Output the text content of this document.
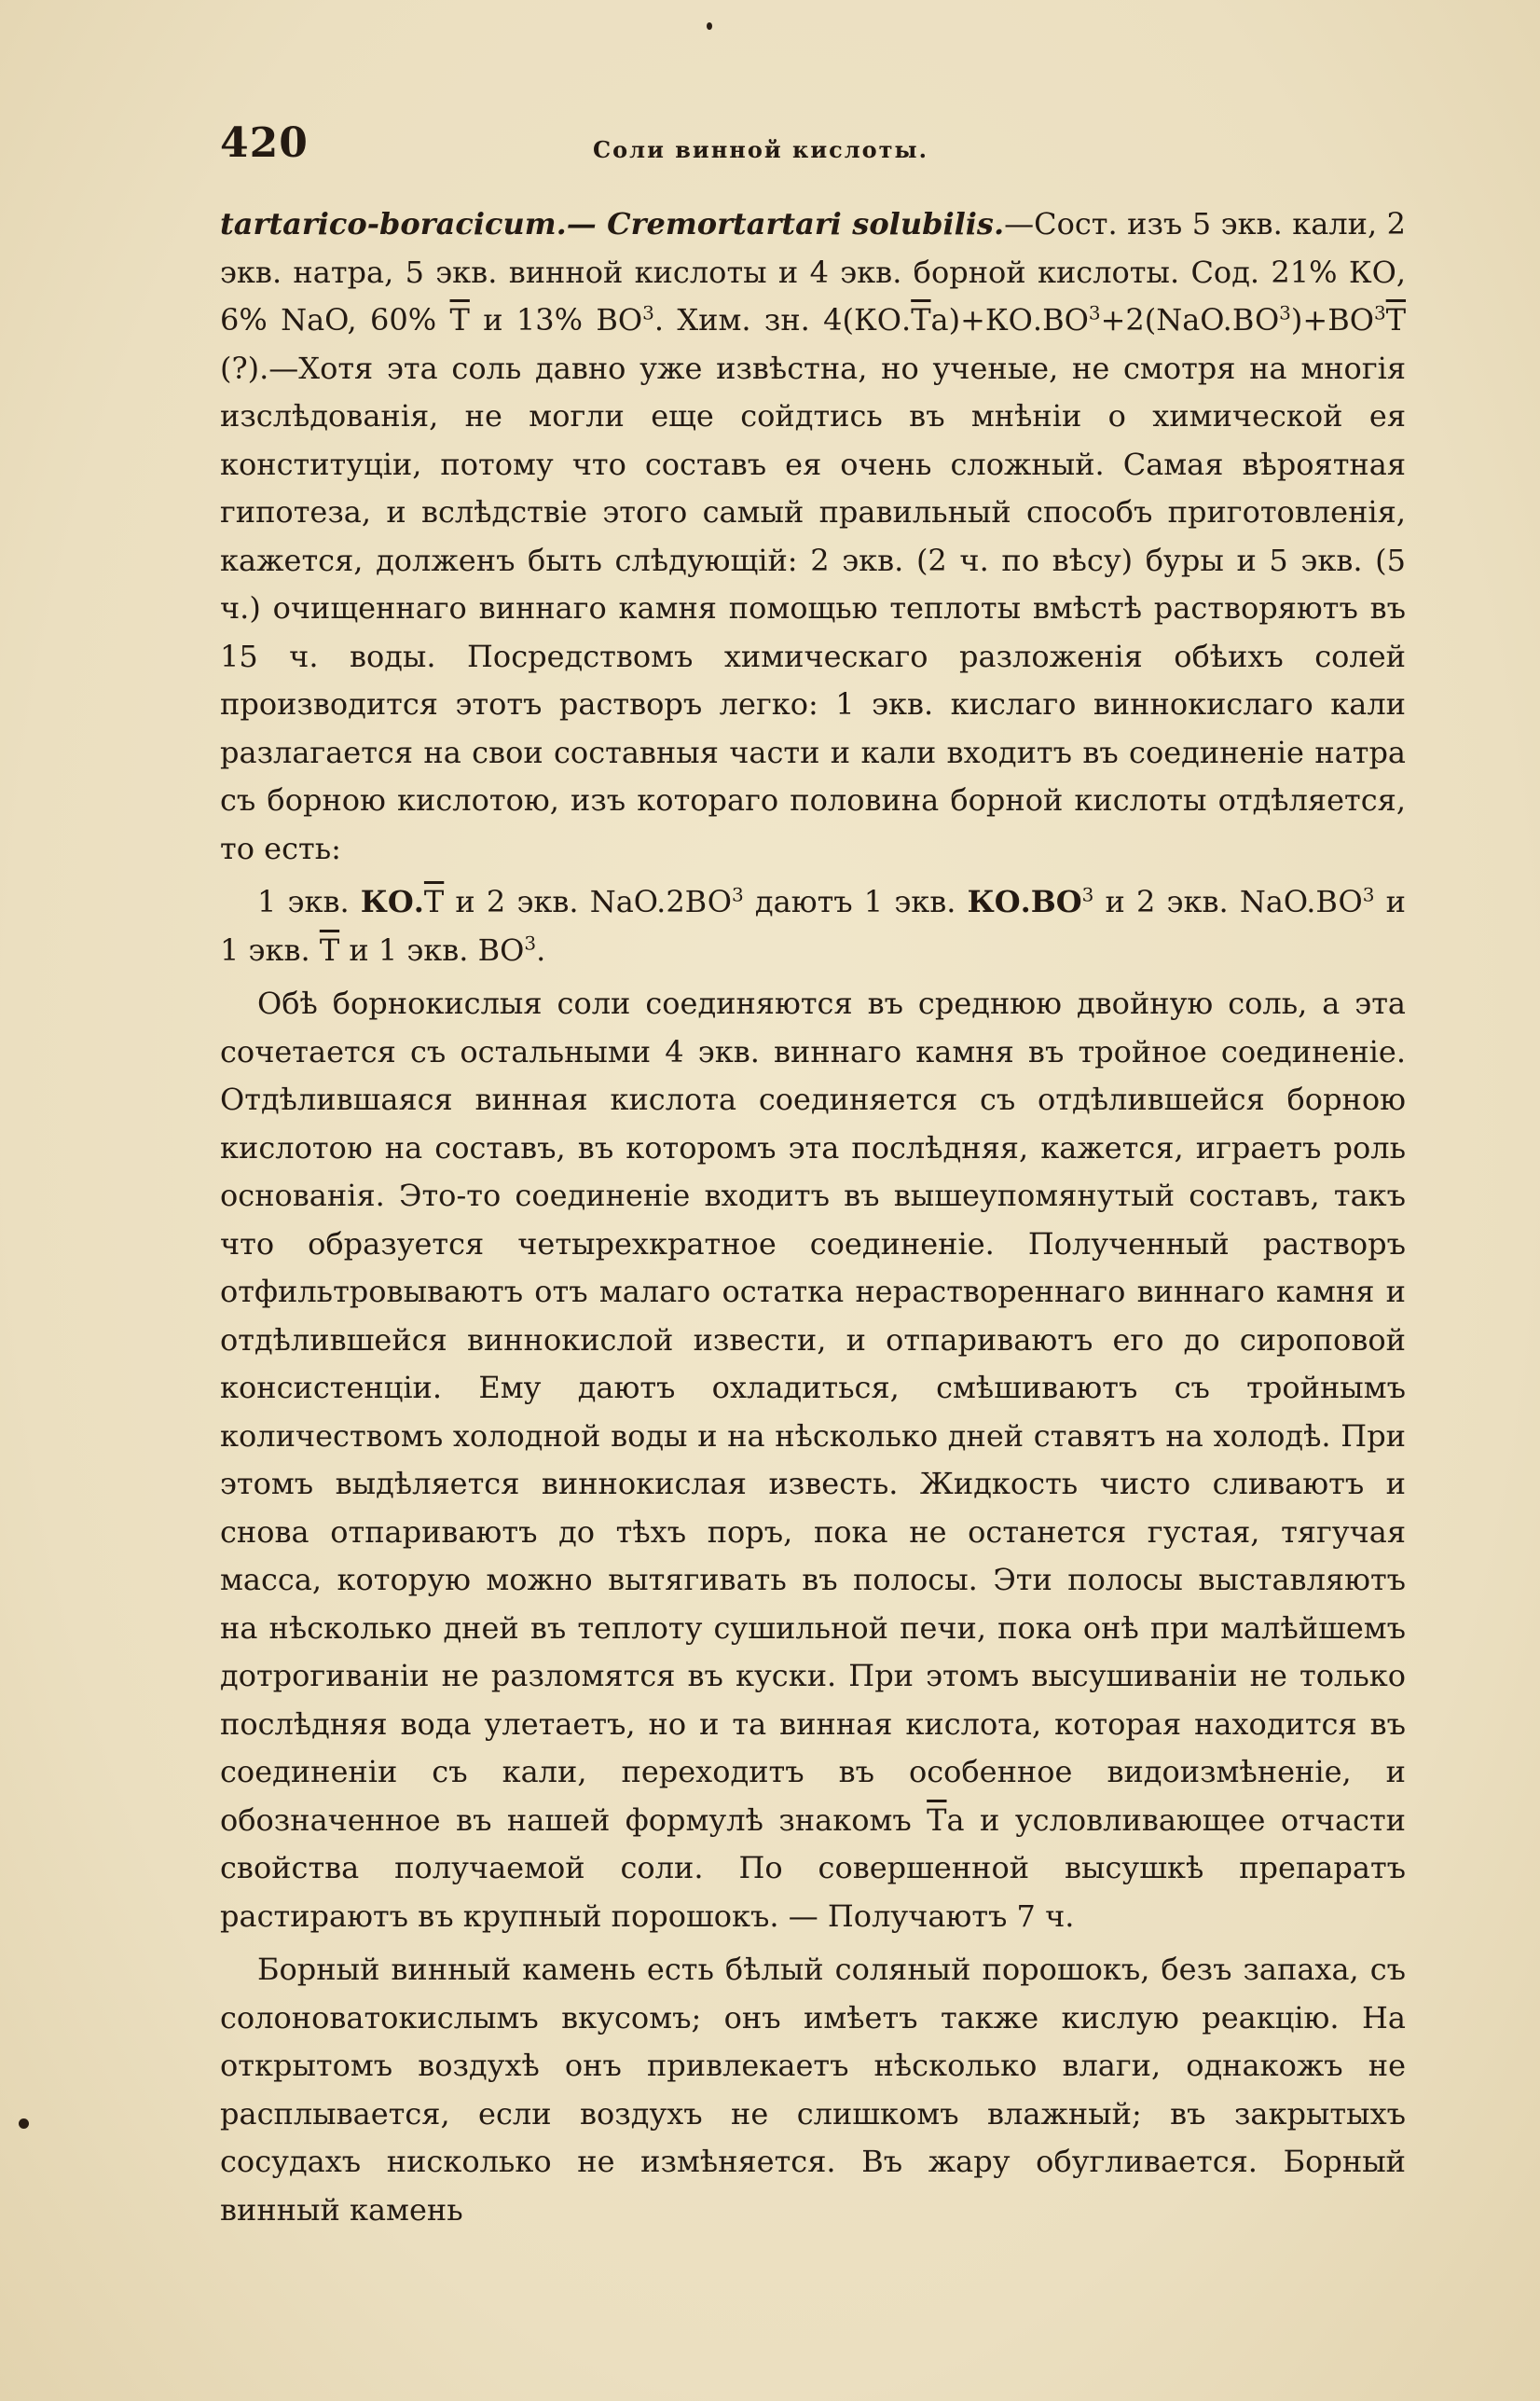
420	Соли винной кислоты.

tartarico-boracicum.— Cremortartari solubilis.—Сост. изъ 5 экв. кали, 2 экв. натра, 5 экв. винной кислоты и 4 экв. борной кислоты. Сод. 21% КО, 6% NaO, 60% $\overline{T}$ и 13% $ВО^3$. Хим. зн. $4(КО.\overline{T}а)+КО.ВО^3+2(NaO.BO^3)+ВО^3\overline{T}$ (?).—Хотя эта соль давно уже извѣстна, но ученые, не смотря на многія изслѣдованія, не могли еще сойдтись въ мнѣніи о химической ея конституціи, потому что составъ ея очень сложный. Самая вѣроятная гипотеза, и вслѣдствіе этого самый правильный способъ приготовленія, кажется, долженъ быть слѣдующій: 2 экв. (2 ч. по вѣсу) буры и 5 экв. (5 ч.) очищеннаго виннаго камня помощью теплоты вмѣстѣ растворяютъ въ 15 ч. воды. Посредствомъ химическаго разложенія обѣихъ солей производится этотъ растворъ легко: 1 экв. кислаго виннокислаго кали разлагается на свои составныя части и кали входитъ въ соединеніе натра съ борною кислотою, изъ котораго половина борной кислоты отдѣляется, то есть:

1 экв. $КО.\overline{T}$ и 2 экв. $NaO.2BO^3$ даютъ 1 экв. $КО.ВО^3$ и 2 экв. $NaO.BO^3$ и 1 экв. $\overline{T}$ и 1 экв. $ВО^3$.

Обѣ борнокислыя соли соединяются въ среднюю двойную соль, а эта сочетается съ остальными 4 экв. виннаго камня въ тройное соединеніе. Отдѣлившаяся винная кислота соединяется съ отдѣлившейся борною кислотою на составъ, въ которомъ эта послѣдняя, кажется, играетъ роль основанія. Это-то соединеніе входитъ въ вышеупомянутый составъ, такъ что образуется четырехкратное соединеніе. Полученный растворъ отфильтровываютъ отъ малаго остатка нераствореннаго виннаго камня и отдѣлившейся виннокислой извести, и отпариваютъ его до сироповой консистенціи. Ему даютъ охладиться, смѣшиваютъ съ тройнымъ количествомъ холодной воды и на нѣсколько дней ставятъ на холодѣ. При этомъ выдѣляется виннокислая известь. Жидкость чисто сливаютъ и снова отпариваютъ до тѣхъ поръ, пока не останется густая, тягучая масса, которую можно вытягивать въ полосы. Эти полосы выставляютъ на нѣсколько дней въ теплоту сушильной печи, пока онѣ при малѣйшемъ дотрогиваніи не разломятся въ куски. При этомъ высушиваніи не только послѣдняя вода улетаетъ, но и та винная кислота, которая находится въ соединеніи съ кали, переходитъ въ особенное видоизмѣненіе, и обозначенное въ нашей формулѣ знакомъ $\overline{T}а$ и условливающее отчасти свойства получаемой соли. По совершенной высушкѣ препаратъ растираютъ въ крупный порошокъ. — Получаютъ 7 ч.

Борный винный камень есть бѣлый соляный порошокъ, безъ запаха, съ солоноватокислымъ вкусомъ; онъ имѣетъ также кислую реакцію. На открытомъ воздухѣ онъ привлекаетъ нѣсколько влаги, однакожъ не расплывается, если воздухъ не слишкомъ влажный; въ закрытыхъ сосудахъ нисколько не измѣняется. Въ жару обугливается. Борный винный камень
